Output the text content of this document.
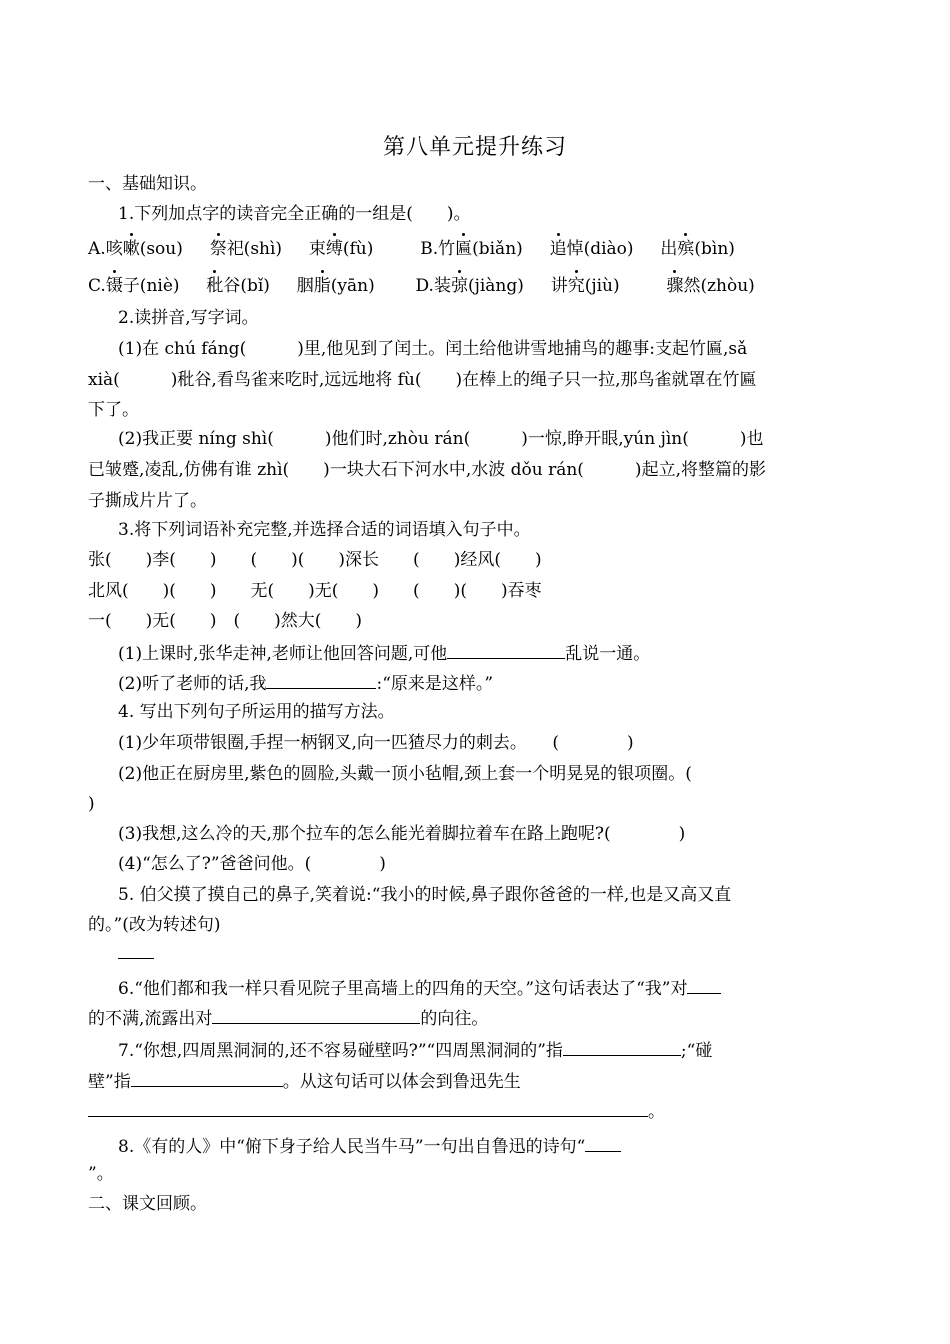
第八单元提升练习
一、基础知识。
1.下列加点字的读音完全正确的一组是(　　)。
A.咳嗽(sou) 祭祀(shì) 束缚(fù)	B.竹匾(biǎn) 追悼(diào) 出殡(bìn)
C.镊子(niè) 秕谷(bǐ) 胭脂(yān) D.装弶(jiàng) 讲究(jiù)	骤然(zhòu)
2.读拼音,写字词。
(1)在 chú fáng(　　　)里,他见到了闰土。闰土给他讲雪地捕鸟的趣事:支起竹匾,sǎ
xià(　　　)秕谷,看鸟雀来吃时,远远地将 fù(　　)在棒上的绳子只一拉,那鸟雀就罩在竹匾
下了。
(2)我正要 níng shì(　　　)他们时,zhòu rán(　　　)一惊,睁开眼,yún jìn(　　　)也
已皱蹙,凌乱,仿佛有谁 zhì(　　)一块大石下河水中,水波 dǒu rán(　　　)起立,将整篇的影
子撕成片片了。
3.将下列词语补充完整,并选择合适的词语填入句子中。
张(　　)李(　　)　　(　　)(　　)深长　　(　　)经风(　　)
北风(　　)(　　)　　无(　　)无(　　)　　(　　)(　　)吞枣
一(　　)无(　　)　(　　)然大(　　)
(1)上课时,张华走神,老师让他回答问题,可他	乱说一通。
(2)听了老师的话,我	:“原来是这样。”
4. 写出下列句子所运用的描写方法。
(1)少年项带银圈,手捏一柄钢叉,向一匹猹尽力的刺去。　　(　　　　)
(2)他正在厨房里,紫色的圆脸,头戴一顶小毡帽,颈上套一个明晃晃的银项圈。(
)
(3)我想,这么冷的天,那个拉车的怎么能光着脚拉着车在路上跑呢?(　　　　)
(4)“怎么了?”爸爸问他。(　　　　)
5. 伯父摸了摸自己的鼻子,笑着说:“我小的时候,鼻子跟你爸爸的一样,也是又高又直
的。”(改为转述句)
6.“他们都和我一样只看见院子里高墙上的四角的天空。”这句话表达了“我”对
的不满,流露出对	的向往。
7.“你想,四周黑洞洞的,还不容易碰壁吗?”“四周黑洞洞的”指	;“碰
壁”指	。从这句话可以体会到鲁迅先生
。
8.《有的人》中“俯下身子给人民当牛马”一句出自鲁迅的诗句“
”。
二、课文回顾。
